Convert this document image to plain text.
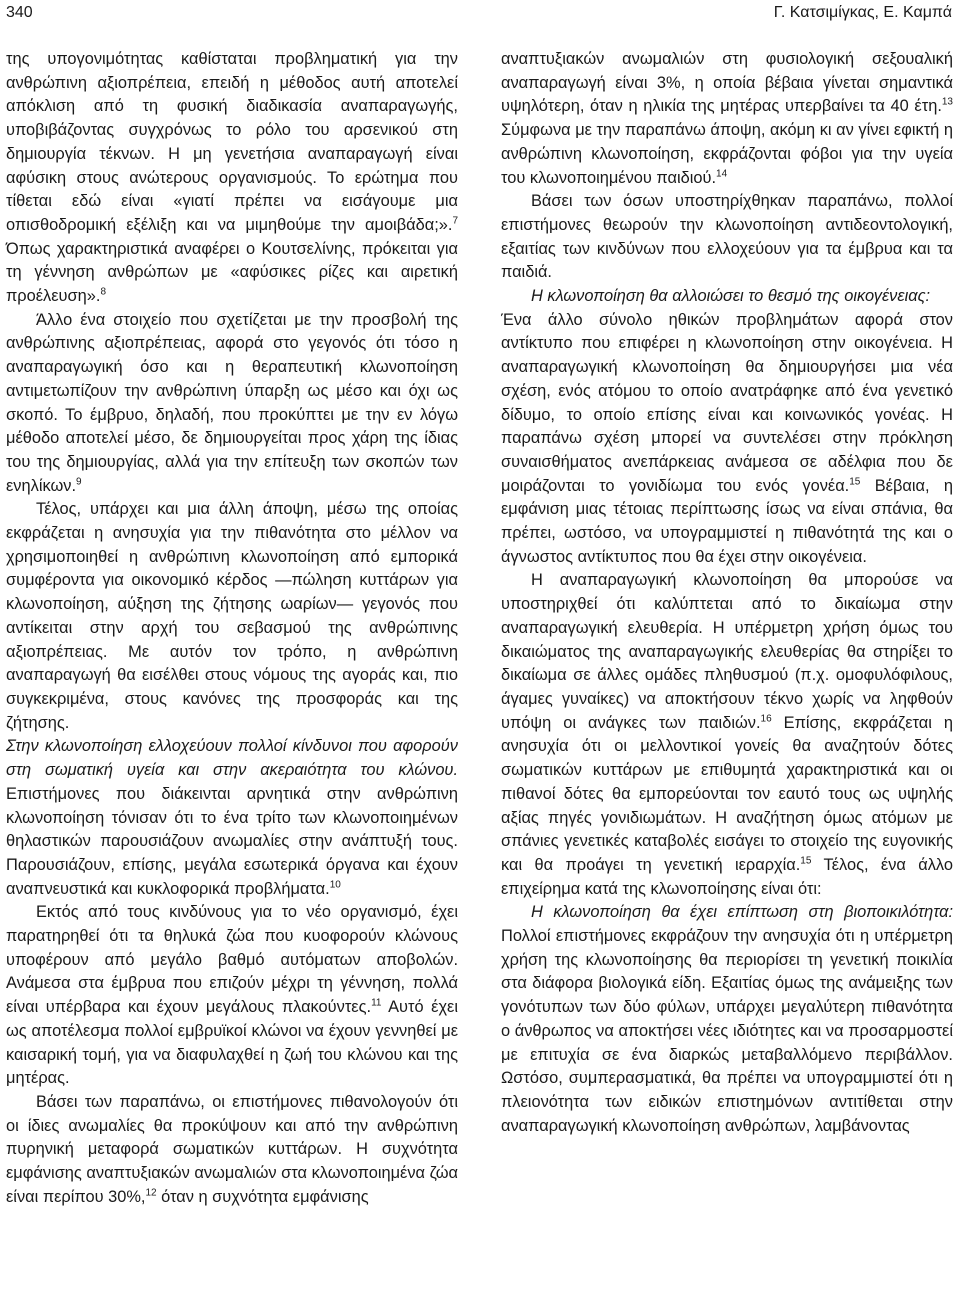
340	Γ. Κατσιμίγκας, Ε. Καμπά

της υπογονιμότητας καθίσταται προβληματική για την ανθρώπινη αξιοπρέπεια, επειδή η μέθοδος αυτή αποτελεί απόκλιση από τη φυσική διαδικασία αναπαραγωγής, υποβιβάζοντας συγχρόνως το ρόλο του αρσενικού στη δημιουργία τέκνων. Η μη γενετήσια αναπαραγωγή είναι αφύσικη στους ανώτερους οργανισμούς. Το ερώτημα που τίθεται εδώ είναι «γιατί πρέπει να εισάγουμε μια οπισθοδρομική εξέλιξη και να μιμηθούμε την αμοιβάδα;».$^7$ Όπως χαρακτηριστικά αναφέρει ο Κουτσελίνης, πρόκειται για τη γέννηση ανθρώπων με «αφύσικες ρίζες και αιρετική προέλευση».$^8$

Άλλο ένα στοιχείο που σχετίζεται με την προσβολή της ανθρώπινης αξιοπρέπειας, αφορά στο γεγονός ότι τόσο η αναπαραγωγική όσο και η θεραπευτική κλωνοποίηση αντιμετωπίζουν την ανθρώπινη ύπαρξη ως μέσο και όχι ως σκοπό. Το έμβρυο, δηλαδή, που προκύπτει με την εν λόγω μέθοδο αποτελεί μέσο, δε δημιουργείται προς χάρη της ίδιας του της δημιουργίας, αλλά για την επίτευξη των σκοπών των ενηλίκων.$^9$

Τέλος, υπάρχει και μια άλλη άποψη, μέσω της οποίας εκφράζεται η ανησυχία για την πιθανότητα στο μέλλον να χρησιμοποιηθεί η ανθρώπινη κλωνοποίηση από εμπορικά συμφέροντα για οικονομικό κέρδος —πώληση κυττάρων για κλωνοποίηση, αύξηση της ζήτησης ωαρίων— γεγονός που αντίκειται στην αρχή του σεβασμού της ανθρώπινης αξιοπρέπειας. Με αυτόν τον τρόπο, η ανθρώπινη αναπαραγωγή θα εισέλθει στους νόμους της αγοράς και, πιο συγκεκριμένα, στους κανόνες της προσφοράς και της ζήτησης.

Στην κλωνοποίηση ελλοχεύουν πολλοί κίνδυνοι που αφορούν στη σωματική υγεία και στην ακεραιότητα του κλώνου. Επιστήμονες που διάκεινται αρνητικά στην ανθρώπινη κλωνοποίηση τόνισαν ότι το ένα τρίτο των κλωνοποιημένων θηλαστικών παρουσιάζουν ανωμαλίες στην ανάπτυξή τους. Παρουσιάζουν, επίσης, μεγάλα εσωτερικά όργανα και έχουν αναπνευστικά και κυκλοφορικά προβλήματα.$^{10}$

Εκτός από τους κινδύνους για το νέο οργανισμό, έχει παρατηρηθεί ότι τα θηλυκά ζώα που κυοφορούν κλώνους υποφέρουν από μεγάλο βαθμό αυτόματων αποβολών. Ανάμεσα στα έμβρυα που επιζούν μέχρι τη γέννηση, πολλά είναι υπέρβαρα και έχουν μεγάλους πλακούντες.$^{11}$ Αυτό έχει ως αποτέλεσμα πολλοί εμβρυϊκοί κλώνοι να έχουν γεννηθεί με καισαρική τομή, για να διαφυλαχθεί η ζωή του κλώνου και της μητέρας.

Βάσει των παραπάνω, οι επιστήμονες πιθανολογούν ότι οι ίδιες ανωμαλίες θα προκύψουν και από την ανθρώπινη πυρηνική μεταφορά σωματικών κυττάρων. Η συχνότητα εμφάνισης αναπτυξιακών ανωμαλιών στα κλωνοποιημένα ζώα είναι περίπου 30%,$^{12}$ όταν η συχνότητα εμφάνισης

αναπτυξιακών ανωμαλιών στη φυσιολογική σεξουαλική αναπαραγωγή είναι 3%, η οποία βέβαια γίνεται σημαντικά υψηλότερη, όταν η ηλικία της μητέρας υπερβαίνει τα 40 έτη.$^{13}$ Σύμφωνα με την παραπάνω άποψη, ακόμη κι αν γίνει εφικτή η ανθρώπινη κλωνοποίηση, εκφράζονται φόβοι για την υγεία του κλωνοποιημένου παιδιού.$^{14}$

Βάσει των όσων υποστηρίχθηκαν παραπάνω, πολλοί επιστήμονες θεωρούν την κλωνοποίηση αντιδεοντολογική, εξαιτίας των κινδύνων που ελλοχεύουν για τα έμβρυα και τα παιδιά.

Η κλωνοποίηση θα αλλοιώσει το θεσμό της οικογένειας:
Ένα άλλο σύνολο ηθικών προβλημάτων αφορά στον αντίκτυπο που επιφέρει η κλωνοποίηση στην οικογένεια. Η αναπαραγωγική κλωνοποίηση θα δημιουργήσει μια νέα σχέση, ενός ατόμου το οποίο ανατράφηκε από ένα γενετικό δίδυμο, το οποίο επίσης είναι και κοινωνικός γονέας. Η παραπάνω σχέση μπορεί να συντελέσει στην πρόκληση συναισθήματος ανεπάρκειας ανάμεσα σε αδέλφια που δε μοιράζονται το γονιδίωμα του ενός γονέα.$^{15}$ Βέβαια, η εμφάνιση μιας τέτοιας περίπτωσης ίσως να είναι σπάνια, θα πρέπει, ωστόσο, να υπογραμμιστεί η πιθανότητά της και ο άγνωστος αντίκτυπος που θα έχει στην οικογένεια.

Η αναπαραγωγική κλωνοποίηση θα μπορούσε να υποστηριχθεί ότι καλύπτεται από το δικαίωμα στην αναπαραγωγική ελευθερία. Η υπέρμετρη χρήση όμως του δικαιώματος της αναπαραγωγικής ελευθερίας θα στηρίξει το δικαίωμα σε άλλες ομάδες πληθυσμού (π.χ. ομοφυλόφιλους, άγαμες γυναίκες) να αποκτήσουν τέκνο χωρίς να ληφθούν υπόψη οι ανάγκες των παιδιών.$^{16}$ Επίσης, εκφράζεται η ανησυχία ότι οι μελλοντικοί γονείς θα αναζητούν δότες σωματικών κυττάρων με επιθυμητά χαρακτηριστικά και οι πιθανοί δότες θα εμπορεύονται τον εαυτό τους ως υψηλής αξίας πηγές γονιδιωμάτων. Η αναζήτηση όμως ατόμων με σπάνιες γενετικές καταβολές εισάγει το στοιχείο της ευγονικής και θα προάγει τη γενετική ιεραρχία.$^{15}$ Τέλος, ένα άλλο επιχείρημα κατά της κλωνοποίησης είναι ότι:

Η κλωνοποίηση θα έχει επίπτωση στη βιοποικιλότητα: Πολλοί επιστήμονες εκφράζουν την ανησυχία ότι η υπέρμετρη χρήση της κλωνοποίησης θα περιορίσει τη γενετική ποικιλία στα διάφορα βιολογικά είδη. Εξαιτίας όμως της ανάμειξης των γονότυπων των δύο φύλων, υπάρχει μεγαλύτερη πιθανότητα ο άνθρωπος να αποκτήσει νέες ιδιότητες και να προσαρμοστεί με επιτυχία σε ένα διαρκώς μεταβαλλόμενο περιβάλλον. Ωστόσο, συμπερασματικά, θα πρέπει να υπογραμμιστεί ότι η πλειονότητα των ειδικών επιστημόνων αντιτίθεται στην αναπαραγωγική κλωνοποίηση ανθρώπων, λαμβάνοντας
